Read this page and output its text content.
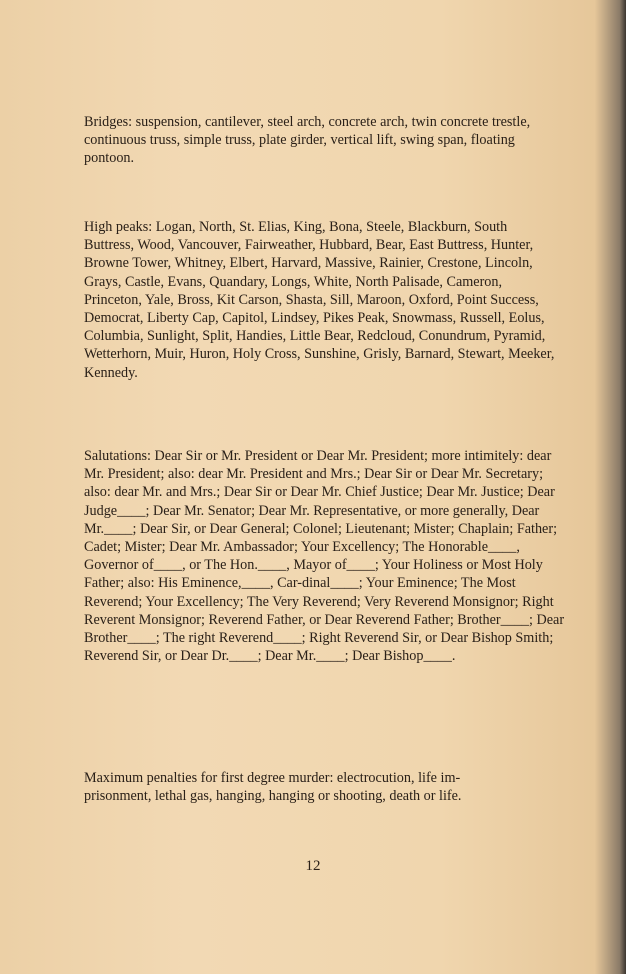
Bridges: suspension, cantilever, steel arch, concrete arch, twin concrete trestle, continuous truss, simple truss, plate girder, vertical lift, swing span, floating pontoon.

High peaks: Logan, North, St. Elias, King, Bona, Steele, Blackburn, South Buttress, Wood, Vancouver, Fairweather, Hubbard, Bear, East Buttress, Hunter, Browne Tower, Whitney, Elbert, Harvard, Massive, Rainier, Crestone, Lincoln, Grays, Castle, Evans, Quandary, Longs, White, North Palisade, Cameron, Princeton, Yale, Bross, Kit Carson, Shasta, Sill, Maroon, Oxford, Point Success, Democrat, Liberty Cap, Capitol, Lindsey, Pikes Peak, Snowmass, Russell, Eolus, Columbia, Sunlight, Split, Handies, Little Bear, Redcloud, Conundrum, Pyramid, Wetterhorn, Muir, Huron, Holy Cross, Sunshine, Grisly, Barnard, Stewart, Meeker, Kennedy.

Salutations: Dear Sir or Mr. President or Dear Mr. President; more intimitely: dear Mr. President; also: dear Mr. President and Mrs.; Dear Sir or Dear Mr. Secretary; also: dear Mr. and Mrs.; Dear Sir or Dear Mr. Chief Justice; Dear Mr. Justice; Dear Judge____; Dear Mr. Senator; Dear Mr. Representative, or more generally, Dear Mr.____; Dear Sir, or Dear General; Colonel; Lieutenant; Mister; Chaplain; Father; Cadet; Mister; Dear Mr. Ambassador; Your Excellency; The Honorable____, Governor of____, or The Hon.____, Mayor of____; Your Holiness or Most Holy Father; also: His Eminence,____, Car-dinal____; Your Eminence; The Most Reverend; Your Excellency; The Very Reverend; Very Reverend Monsignor; Right Reverent Monsignor; Reverend Father, or Dear Reverend Father; Brother____; Dear Brother____; The right Reverend____; Right Reverend Sir, or Dear Bishop Smith; Reverend Sir, or Dear Dr.____; Dear Mr.____; Dear Bishop____.

Maximum penalties for first degree murder: electrocution, life im-prisonment, lethal gas, hanging, hanging or shooting, death or life.

12
